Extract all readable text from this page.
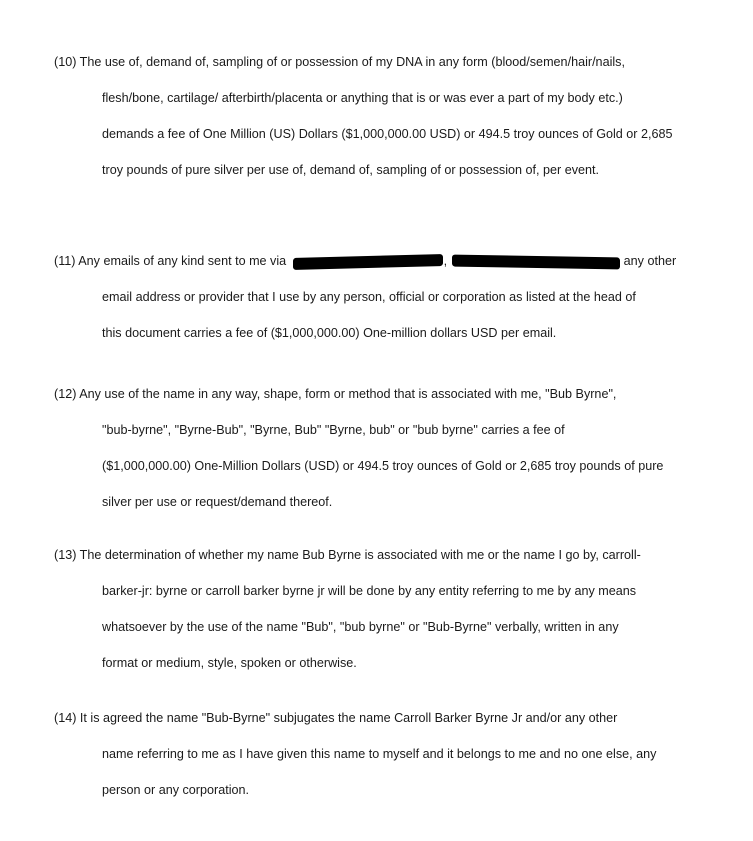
(10) The use of, demand of, sampling of or possession of my DNA in any form (blood/semen/hair/nails,
flesh/bone, cartilage/ afterbirth/placenta or anything that is or was ever a part of my body etc.)
demands a fee of One Million (US) Dollars ($1,000,000.00 USD) or 494.5 troy ounces of Gold or 2,685
troy pounds of pure silver per use of, demand of, sampling of or possession of, per event.
(11) Any emails of any kind sent to me via	,	any other
email address or provider that I use by any person, official or corporation as listed at the head of
this document carries a fee of ($1,000,000.00) One-million dollars USD per email.
(12) Any use of the name in any way, shape, form or method that is associated with me, "Bub Byrne",
"bub-byrne", "Byrne-Bub", "Byrne, Bub" "Byrne, bub" or "bub byrne" carries a fee of
($1,000,000.00) One-Million Dollars (USD) or 494.5 troy ounces of Gold or 2,685 troy pounds of pure
silver per use or request/demand thereof.
(13) The determination of whether my name Bub Byrne is associated with me or the name I go by, carroll-
barker-jr: byrne or carroll barker byrne jr will be done by any entity referring to me by any means
whatsoever by the use of the name "Bub", "bub byrne" or "Bub-Byrne" verbally, written in any
format or medium, style, spoken or otherwise.
(14) It is agreed the name "Bub-Byrne" subjugates the name Carroll Barker Byrne Jr and/or any other
name referring to me as I have given this name to myself and it belongs to me and no one else, any
person or any corporation.
